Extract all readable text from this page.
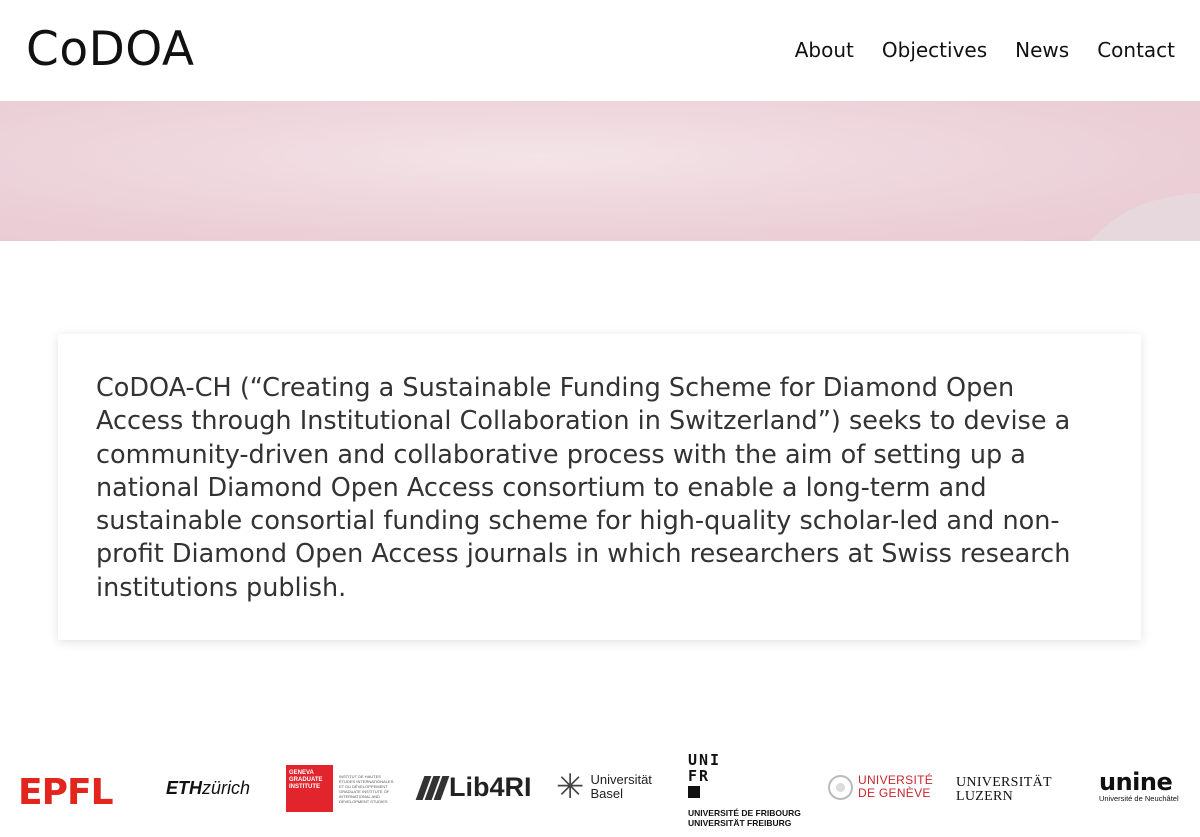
CoDOA	About Objectives News Contact

CoDOA-CH (“Creating a Sustainable Funding Scheme for Diamond Open Access through Institutional Collaboration in Switzerland”) seeks to devise a community-driven and collaborative process with the aim of setting up a national Diamond Open Access consortium to enable a long-term and sustainable consortial funding scheme for high-quality scholar-led and non-profit Diamond Open Access journals in which researchers at Swiss research institutions publish.

EPFL	ETH zürich
GENEVA GRADUATE INSTITUTE
INSTITUT DE HAUTES ÉTUDES INTERNATIONALES ET DU DÉVELOPPEMENT GRADUATE INSTITUTE OF INTERNATIONAL AND DEVELOPMENT STUDIES Lib4RI ✳ Universität
Basel
UNI
FR
UNIVERSITÉ DE FRIBOURG
UNIVERSITÄT FREIBURG
UNIVERSITÉ
DE GENÈVE
UNIVERSITÄT
LUZERN
unine
Université de Neuchâtel
